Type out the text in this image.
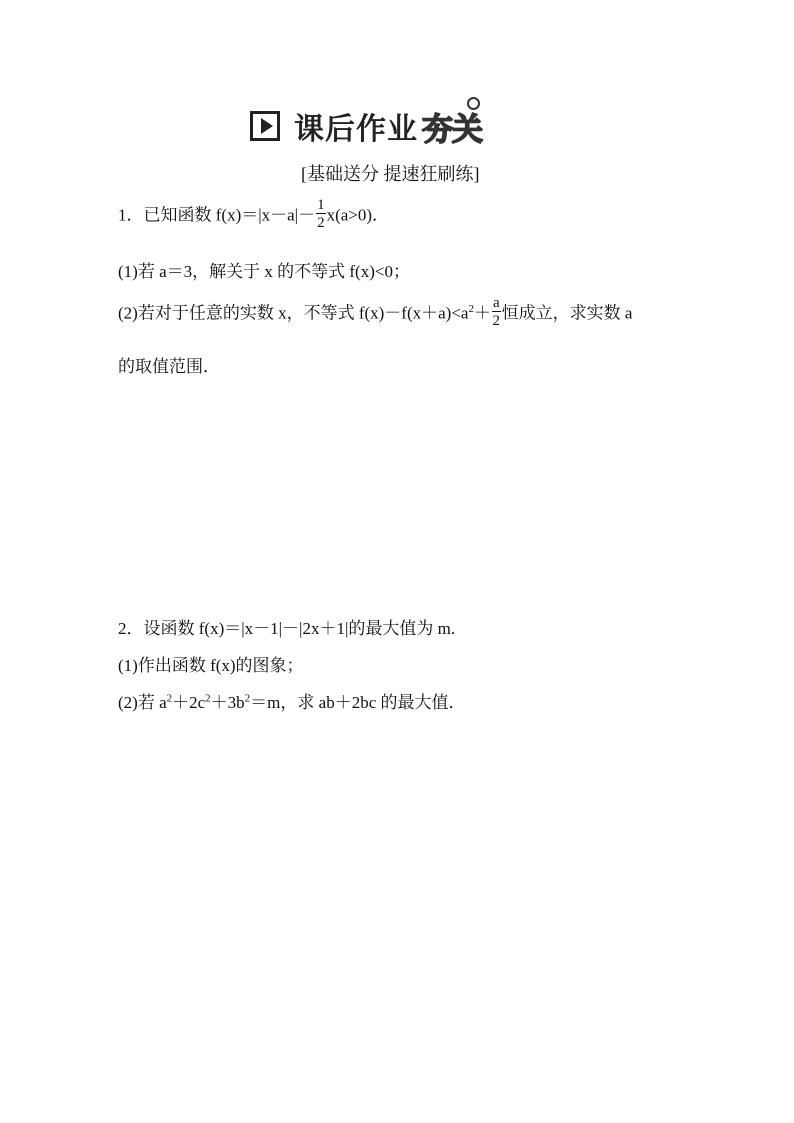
课后作业 夯关
[基础送分 提速狂刷练]
1．已知函数 $f(x)=|x-a|- \frac{1}{2} x(a>0)$．
(1)若 a＝3，解关于 x 的不等式 f(x)<0；
(2)若对于任意的实数 x，不等式 $f(x)-f(x+a)<a^2+ \frac{a}{2}$ 恒成立，求实数 a
的取值范围．
2．设函数 f(x)＝|x－1|－|2x＋1|的最大值为 m.
(1)作出函数 f(x)的图象；
(2)若 $a^2+2c^2+3b^2=m$，求 ab＋2bc 的最大值．
